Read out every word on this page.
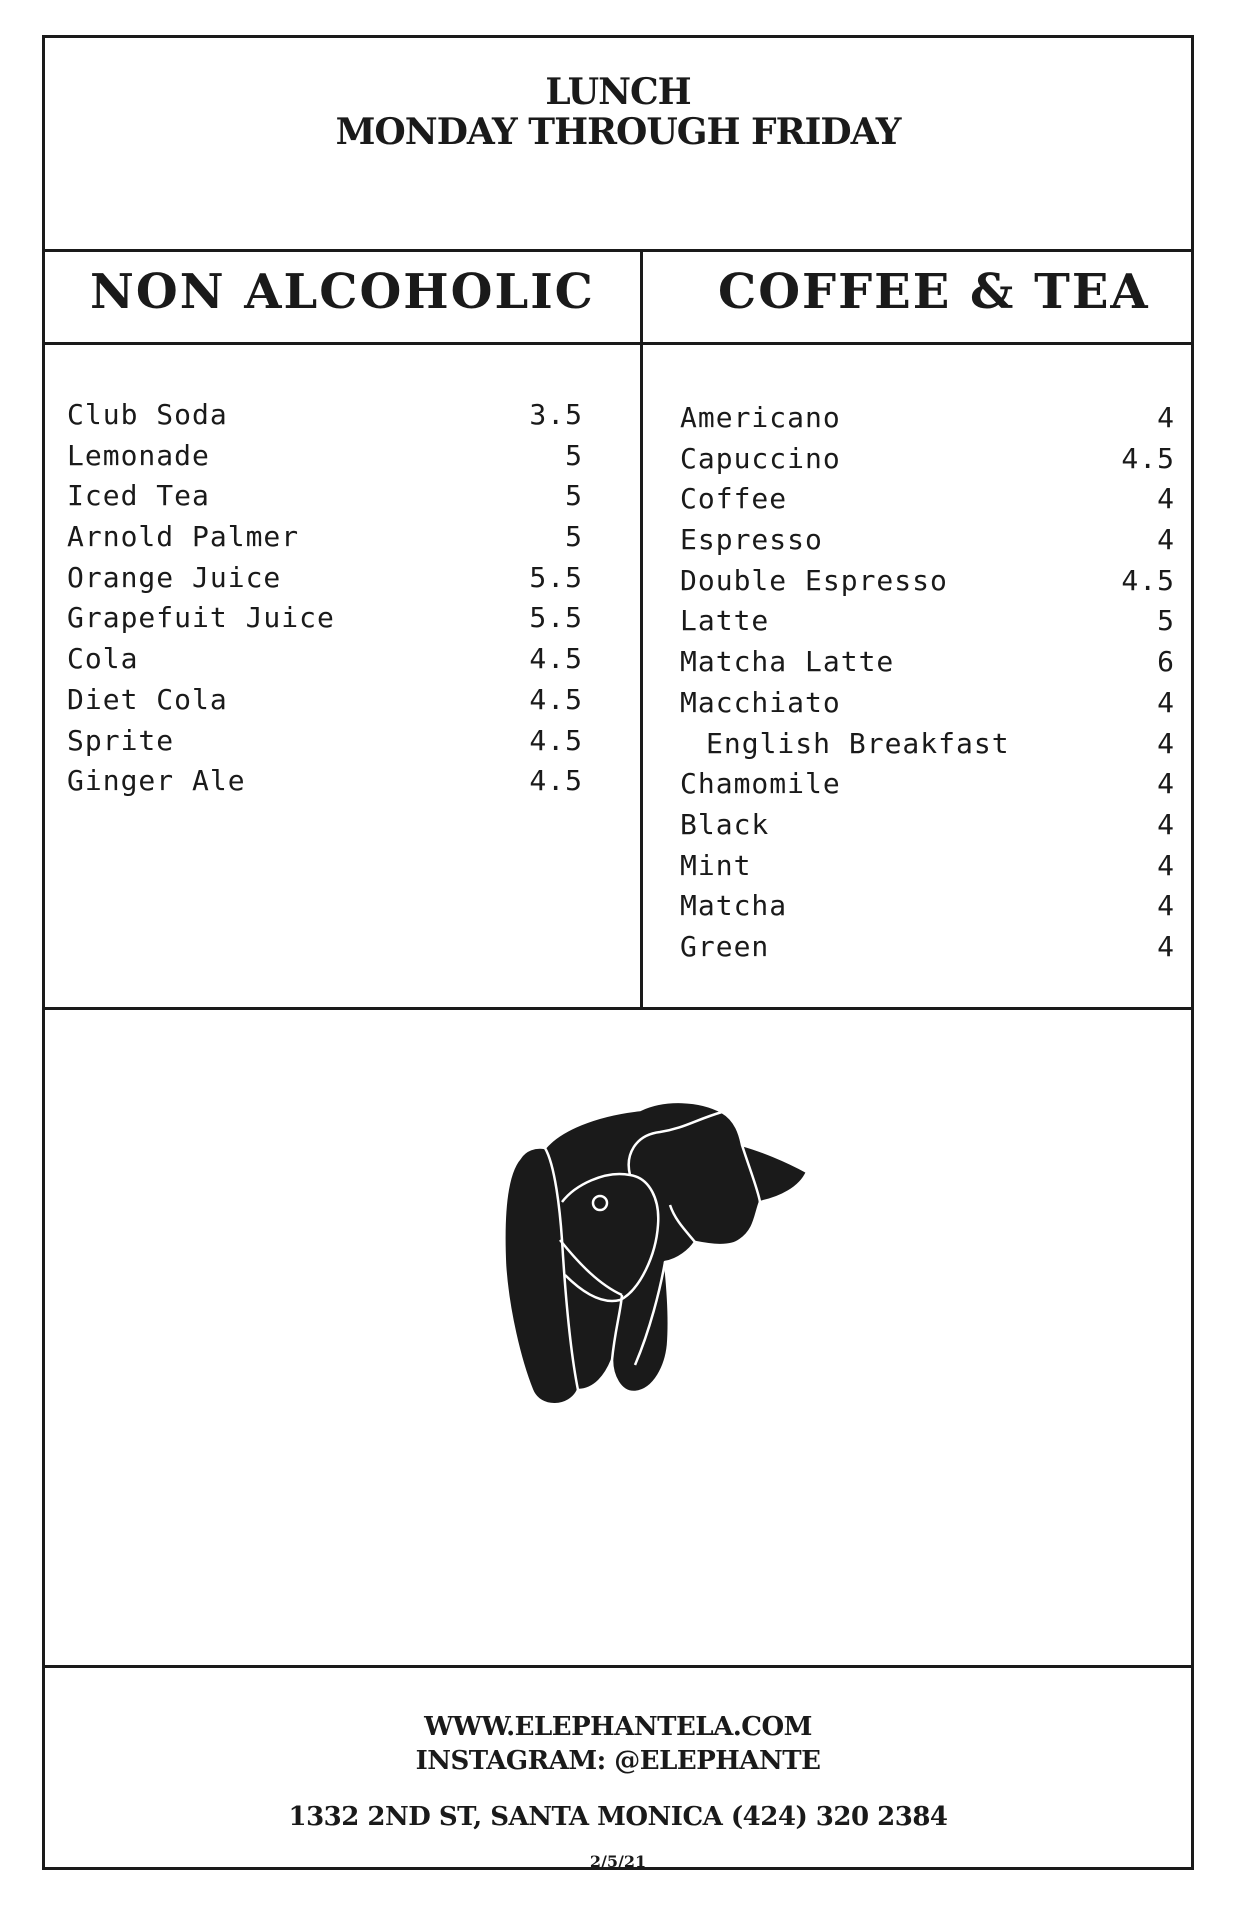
LUNCH
MONDAY THROUGH FRIDAY
NON ALCOHOLIC	COFFEE & TEA
Club Soda	3.5
Lemonade	5
Iced Tea	5
Arnold Palmer	5
Orange Juice	5.5
Grapefuit Juice	5.5
Cola	4.5
Diet Cola	4.5
Sprite	4.5
Ginger Ale	4.5
Americano	4
Capuccino	4.5
Coffee	4
Espresso	4
Double Espresso	4.5
Latte	5
Matcha Latte	6
Macchiato	4
English Breakfast	4
Chamomile	4
Black	4
Mint	4
Matcha	4
Green	4
WWW.ELEPHANTELA.COM
INSTAGRAM: @ELEPHANTE
1332 2ND ST, SANTA MONICA (424) 320 2384
2/5/21
